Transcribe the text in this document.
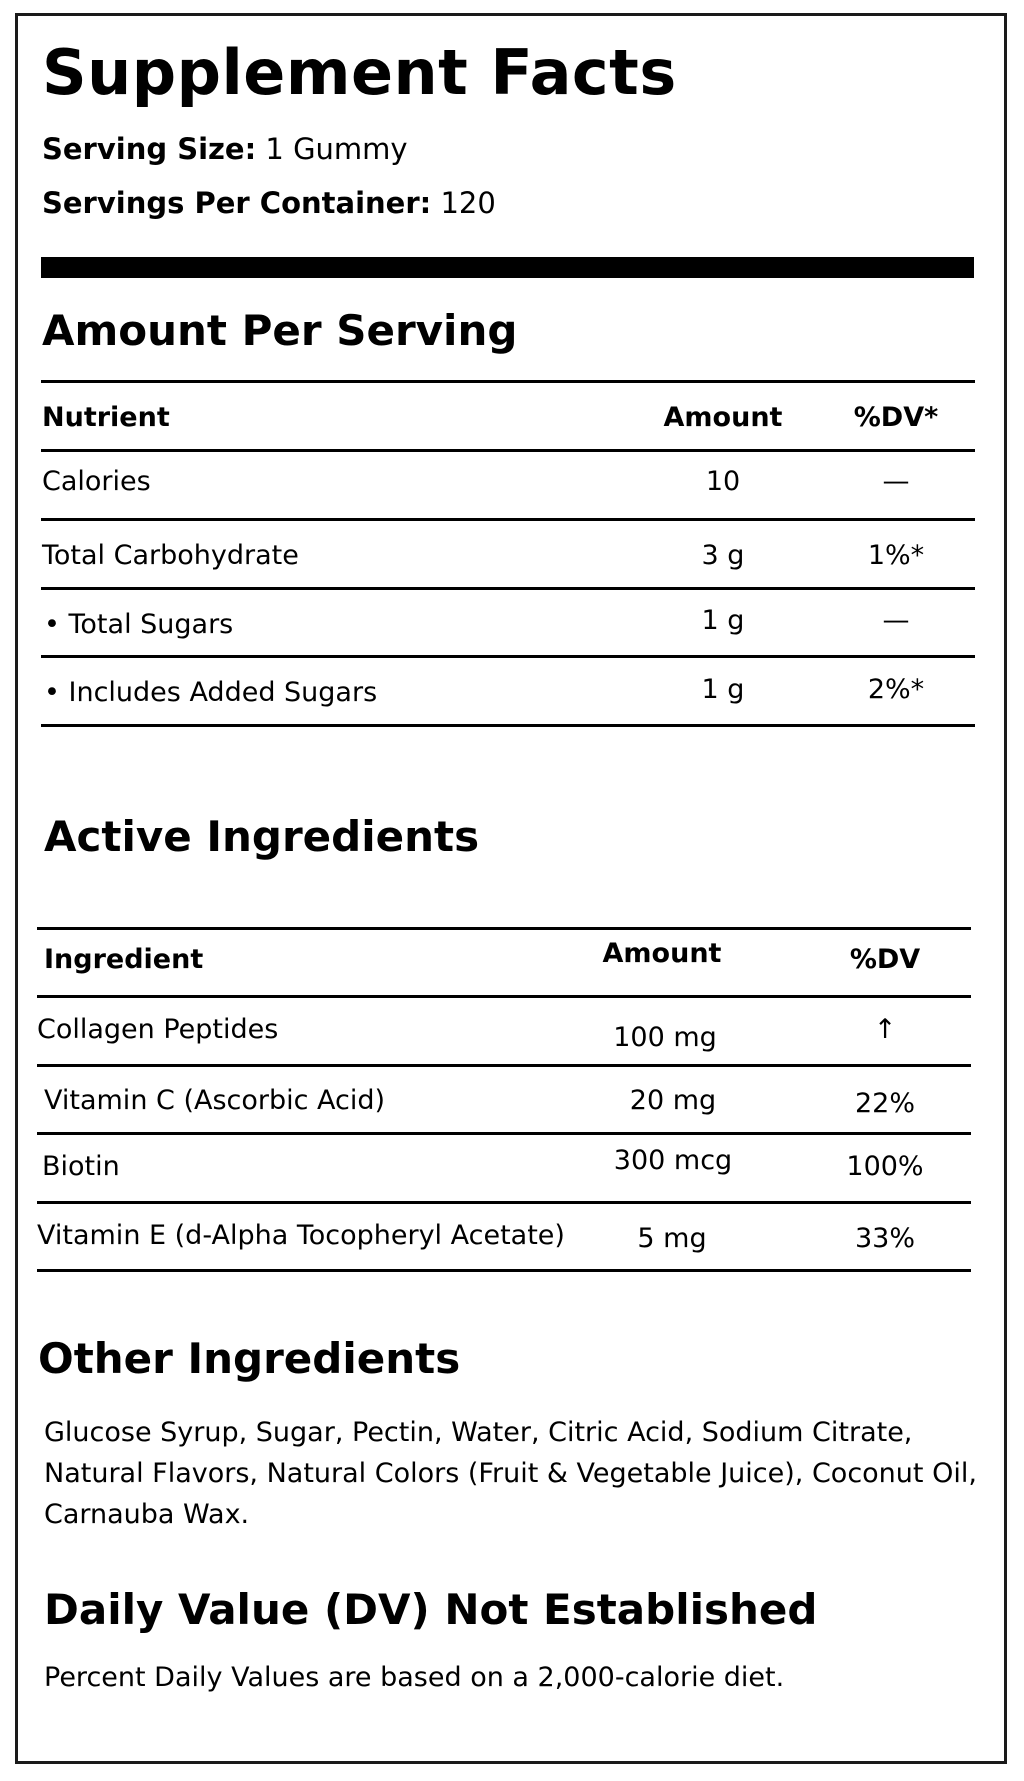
Supplement Facts
Serving Size: 1 Gummy
Servings Per Container: 120
Amount Per Serving
Nutrient	Amount	%DV*
Calories	10	—
Total Carbohydrate	3 g	1%*
• Total Sugars	1 g	—
• Includes Added Sugars	1 g	2%*
Active Ingredients
Ingredient	Amount	%DV
Collagen Peptides	100 mg	↑
Vitamin C (Ascorbic Acid)	20 mg	22%
Biotin	300 mcg	100%
Vitamin E (d-Alpha Tocopheryl Acetate)	5 mg	33%
Other Ingredients
Glucose Syrup, Sugar, Pectin, Water, Citric Acid, Sodium Citrate,
Natural Flavors, Natural Colors (Fruit & Vegetable Juice), Coconut Oil,
Carnauba Wax.
Daily Value (DV) Not Established
Percent Daily Values are based on a 2,000-calorie diet.
